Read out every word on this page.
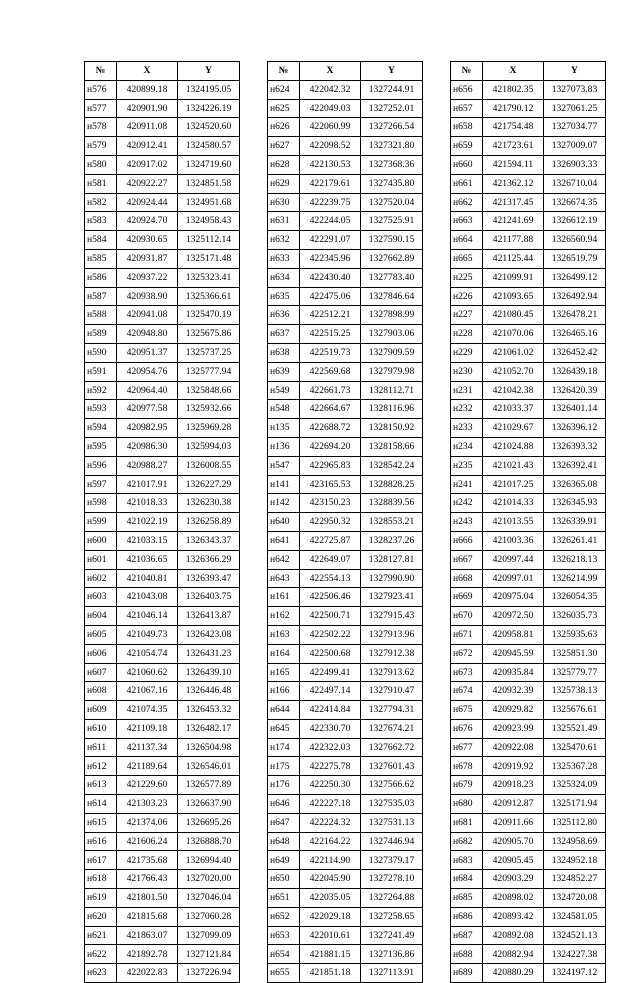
№	X	Y
н576	420899.18	1324195.05
н577	420901.90	1324226.19
н578	420911.08	1324520.60
н579	420912.41	1324580.57
н580	420917.02	1324719.60
н581	420922.27	1324851.58
н582	420924.44	1324951.68
н583	420924.70	1324958.43
н584	420930.65	1325112.14
н585	420931.87	1325171.48
н586	420937.22	1325323.41
н587	420938.90	1325366.61
н588	420941.08	1325470.19
н589	420948.80	1325675.86
н590	420951.37	1325737.25
н591	420954.76	1325777.94
н592	420964.40	1325848.66
н593	420977.58	1325932.66
н594	420982.95	1325969.28
н595	420986.30	1325994.03
н596	420988.27	1326008.55
н597	421017.91	1326227.29
н598	421018.33	1326230.38
н599	421022.19	1326258.89
н600	421033.15	1326343.37
н601	421036.65	1326366.29
н602	421040.81	1326393.47
н603	421043.08	1326403.75
н604	421046.14	1326413.87
н605	421049.73	1326423.08
н606	421054.74	1326431.23
н607	421060.62	1326439.10
н608	421067.16	1326446.48
н609	421074.35	1326453.32
н610	421109.18	1326482.17
н611	421137.34	1326504.98
н612	421189.64	1326546.01
н613	421229.60	1326577.89
н614	421303.23	1326637.90
н615	421374.06	1326695.26
н616	421606.24	1326888.70
н617	421735.68	1326994.40
н618	421766.43	1327020.00
н619	421801.50	1327046.04
н620	421815.68	1327060.28
н621	421863.07	1327099.09
н622	421892.78	1327121.84
н623	422022.83	1327226.94
№	X	Y
н624	422042.32	1327244.91
н625	422049.03	1327252.01
н626	422060.99	1327266.54
н627	422098.52	1327321.80
н628	422130.53	1327368.36
н629	422179.61	1327435.80
н630	422239.75	1327520.04
н631	422244.05	1327525.91
н632	422291.07	1327590.15
н633	422345.96	1327662.89
н634	422430.40	1327783.40
н635	422475.06	1327846.64
н636	422512.21	1327898.99
н637	422515.25	1327903.06
н638	422519.73	1327909.59
н639	422569.68	1327979.98
н549	422661.73	1328112.71
н548	422664.67	1328116.96
н135	422688.72	1328150.92
н136	422694.20	1328158.66
н547	422965.83	1328542.24
н141	423165.53	1328828.25
н142	423150.23	1328839.56
н640	422950.32	1328553.21
н641	422725.87	1328237.26
н642	422649.07	1328127.81
н643	422554.13	1327990.90
н161	422506.46	1327923.41
н162	422500.71	1327915.43
н163	422502.22	1327913.96
н164	422500.68	1327912.38
н165	422499.41	1327913.62
н166	422497.14	1327910.47
н644	422414.84	1327794.31
н645	422330.70	1327674.21
н174	422322.03	1327662.72
н175	422275.78	1327601.43
н176	422250.30	1327566.62
н646	422227.18	1327535.03
н647	422224.32	1327531.13
н648	422164.22	1327446.94
н649	422114.90	1327379.17
н650	422045.90	1327278.10
н651	422035.05	1327264.88
н652	422029.18	1327258.65
н653	422010.61	1327241.49
н654	421881.15	1327136.86
н655	421851.18	1327113.91
№	X	Y
н656	421802.35	1327073.83
н657	421790.12	1327061.25
н658	421754.48	1327034.77
н659	421723.61	1327009.07
н660	421594.11	1326903.33
н661	421362.12	1326710.04
н662	421317.45	1326674.35
н663	421241.69	1326612.19
н664	421177.88	1326560.94
н665	421125.44	1326519.79
н225	421099.91	1326499.12
н226	421093.65	1326492.94
н227	421080.45	1326478.21
н228	421070.06	1326465.16
н229	421061.02	1326452.42
н230	421052.70	1326439.18
н231	421042.38	1326420.39
н232	421033.37	1326401.14
н233	421029.67	1326396.12
н234	421024.88	1326393.32
н235	421021.43	1326392.41
н241	421017.25	1326365.08
н242	421014.33	1326345.93
н243	421013.55	1326339.91
н666	421003.36	1326261.41
н667	420997.44	1326218.13
н668	420997.01	1326214.99
н669	420975.04	1326054.35
н670	420972.50	1326035.73
н671	420958.81	1325935.63
н672	420945.59	1325851.30
н673	420935.84	1325779.77
н674	420932.39	1325738.13
н675	420929.82	1325676.61
н676	420923.99	1325521.49
н677	420922.08	1325470.61
н678	420919.92	1325367.28
н679	420918.23	1325324.09
н680	420912.87	1325171.94
н681	420911.66	1325112.80
н682	420905.70	1324958.69
н683	420905.45	1324952.18
н684	420903.29	1324852.27
н685	420898.02	1324720.08
н686	420893.42	1324581.05
н687	420892.08	1324521.13
н688	420882.94	1324227.38
н689	420880.29	1324197.12
